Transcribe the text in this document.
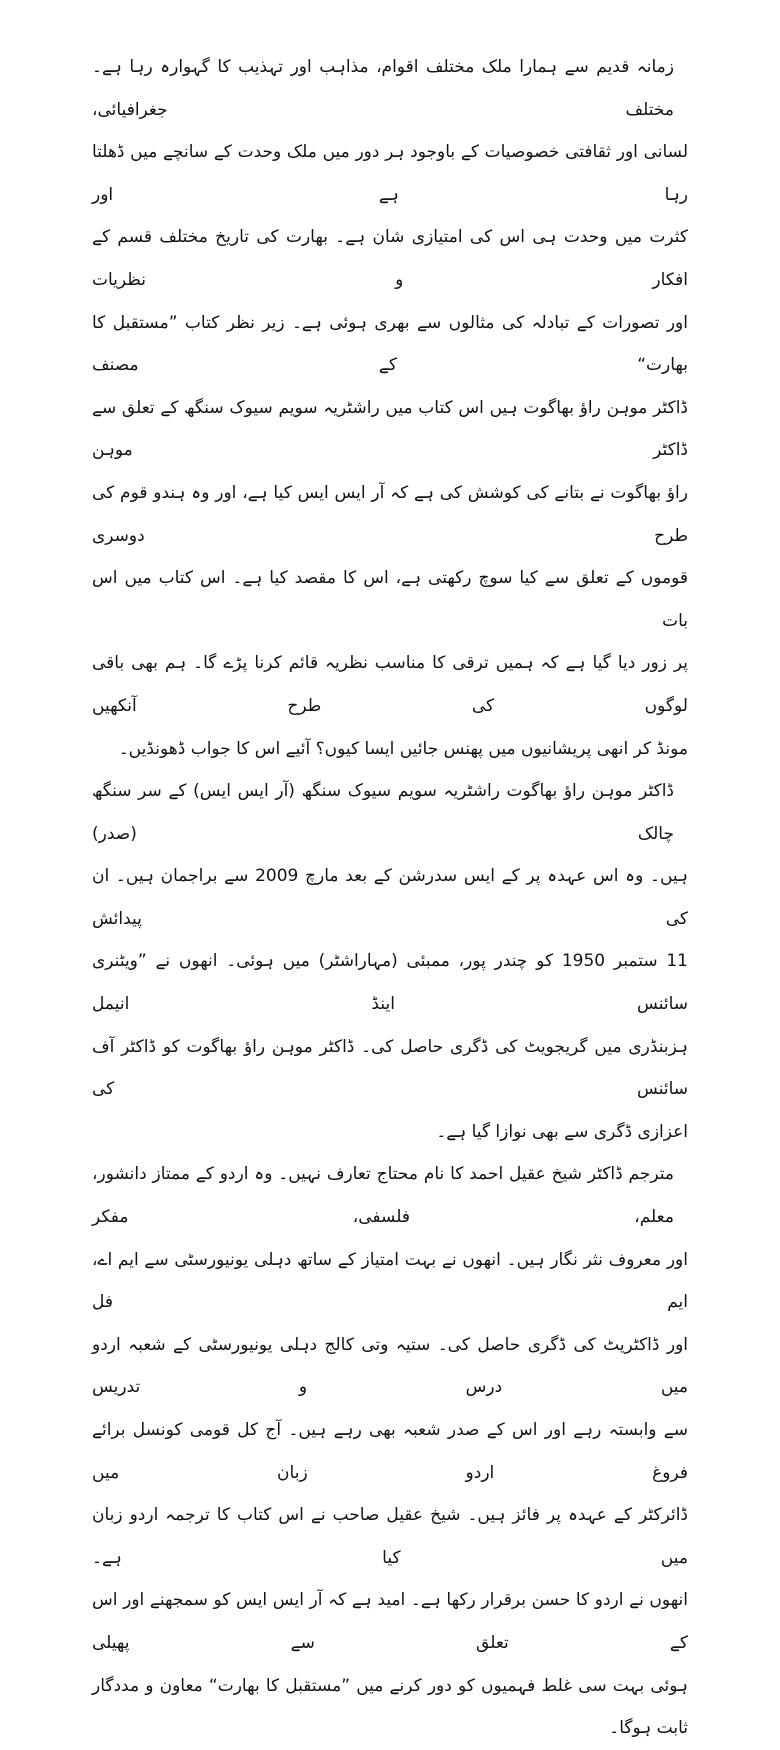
زمانہ قدیم سے ہمارا ملک مختلف اقوام، مذاہب اور تہذیب کا گہوارہ رہا ہے۔ مختلف جغرافیائی،
لسانی اور ثقافتی خصوصیات کے باوجود ہر دور میں ملک وحدت کے سانچے میں ڈھلتا رہا ہے اور
کثرت میں وحدت ہی اس کی امتیازی شان ہے۔ بھارت کی تاریخ مختلف قسم کے افکار و نظریات
اور تصورات کے تبادلہ کی مثالوں سے بھری ہوئی ہے۔ زیر نظر کتاب ”مستقبل کا بھارت“ کے مصنف
ڈاکٹر موہن راؤ بھاگوت ہیں اس کتاب میں راشٹریہ سویم سیوک سنگھ کے تعلق سے ڈاکٹر موہن
راؤ بھاگوت نے بتانے کی کوشش کی ہے کہ آر ایس ایس کیا ہے، اور وہ ہندو قوم کی طرح دوسری
قوموں کے تعلق سے کیا سوچ رکھتی ہے، اس کا مقصد کیا ہے۔ اس کتاب میں اس بات
پر زور دیا گیا ہے کہ ہمیں ترقی کا مناسب نظریہ قائم کرنا پڑے گا۔ ہم بھی باقی لوگوں کی طرح آنکھیں
مونڈ کر انھی پریشانیوں میں پھنس جائیں ایسا کیوں؟ آئیے اس کا جواب ڈھونڈیں۔
ڈاکٹر موہن راؤ بھاگوت راشٹریہ سویم سیوک سنگھ (آر ایس ایس) کے سر سنگھ چالک (صدر)
ہیں۔ وہ اس عہدہ پر کے ایس سدرشن کے بعد مارچ 2009 سے براجمان ہیں۔ ان کی پیدائش
11 ستمبر 1950 کو چندر پور، ممبئی (مہاراشٹر) میں ہوئی۔ انھوں نے ”ویٹنری سائنس اینڈ انیمل
ہزبنڈری میں گریجویٹ کی ڈگری حاصل کی۔ ڈاکٹر موہن راؤ بھاگوت کو ڈاکٹر آف سائنس کی
اعزازی ڈگری سے بھی نوازا گیا ہے۔
مترجم ڈاکٹر شیخ عقیل احمد کا نام محتاج تعارف نہیں۔ وہ اردو کے ممتاز دانشور، معلم، فلسفی، مفکر
اور معروف نثر نگار ہیں۔ انھوں نے بہت امتیاز کے ساتھ دہلی یونیورسٹی سے ایم اے، ایم فل
اور ڈاکٹریٹ کی ڈگری حاصل کی۔ ستیہ وتی کالج دہلی یونیورسٹی کے شعبہ اردو میں درس و تدریس
سے وابستہ رہے اور اس کے صدر شعبہ بھی رہے ہیں۔ آج کل قومی کونسل برائے فروغ اردو زبان میں
ڈائرکٹر کے عہدہ پر فائز ہیں۔ شیخ عقیل صاحب نے اس کتاب کا ترجمہ اردو زبان میں کیا ہے۔
انھوں نے اردو کا حسن برقرار رکھا ہے۔ امید ہے کہ آر ایس ایس کو سمجھنے اور اس کے تعلق سے پھیلی
ہوئی بہت سی غلط فہمیوں کو دور کرنے میں ”مستقبل کا بھارت“ معاون و مددگار ثابت ہوگا۔
